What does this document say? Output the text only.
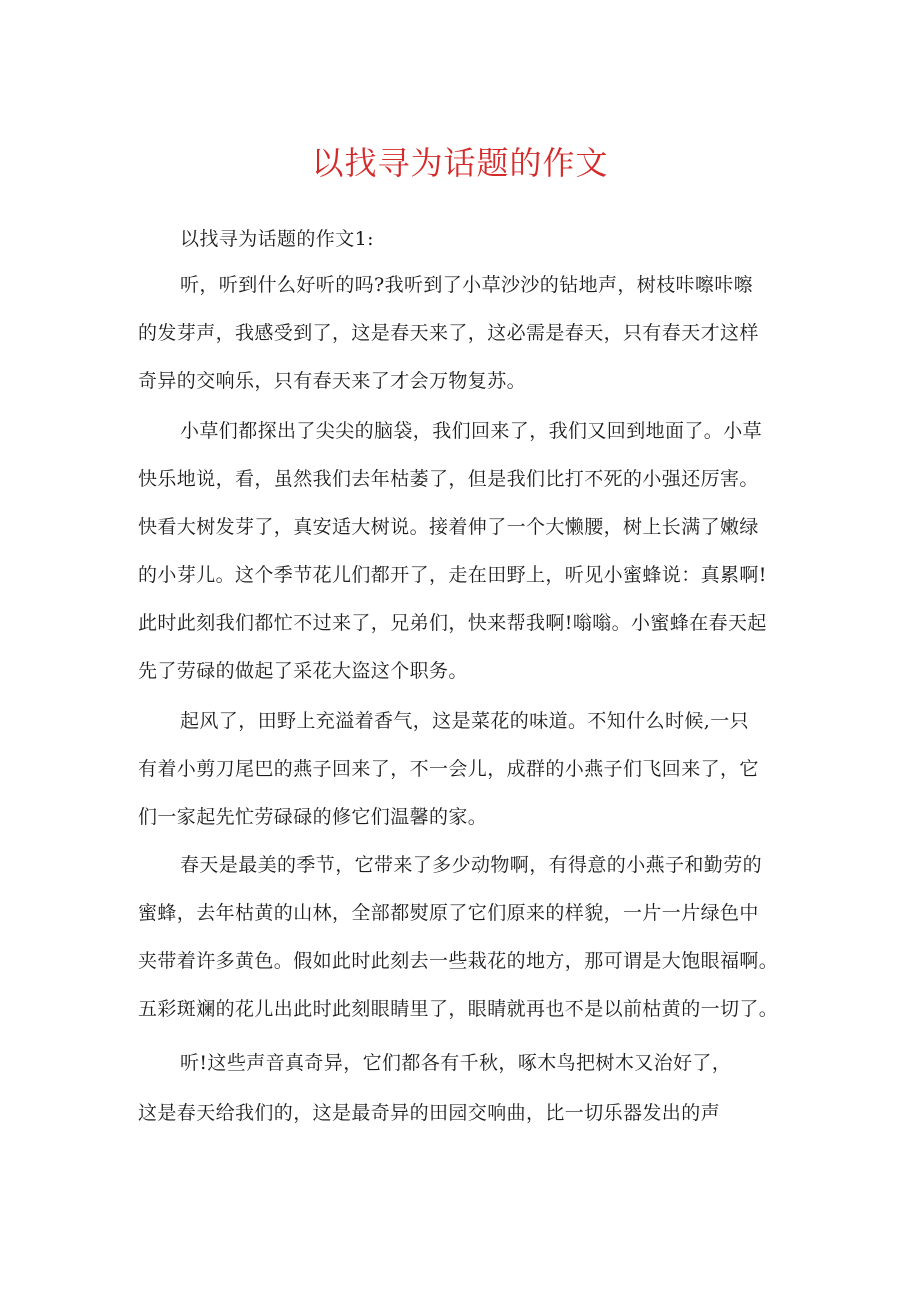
以找寻为话题的作文

以找寻为话题的作文1:

听，听到什么好听的吗?我听到了小草沙沙的钻地声，树枝咔嚓咔嚓

的发芽声，我感受到了，这是春天来了，这必需是春天，只有春天才这样

奇异的交响乐，只有春天来了才会万物复苏。

小草们都探出了尖尖的脑袋，我们回来了，我们又回到地面了。小草

快乐地说，看，虽然我们去年枯萎了，但是我们比打不死的小强还厉害。

快看大树发芽了，真安适大树说。接着伸了一个大懒腰，树上长满了嫩绿

的小芽儿。这个季节花儿们都开了，走在田野上，听见小蜜蜂说：真累啊!

此时此刻我们都忙不过来了，兄弟们，快来帮我啊!嗡嗡。小蜜蜂在春天起

先了劳碌的做起了采花大盗这个职务。

起风了，田野上充溢着香气，这是菜花的味道。不知什么时候,一只

有着小剪刀尾巴的燕子回来了，不一会儿，成群的小燕子们飞回来了，它

们一家起先忙劳碌碌的修它们温馨的家。

春天是最美的季节，它带来了多少动物啊，有得意的小燕子和勤劳的

蜜蜂，去年枯黄的山林，全部都熨原了它们原来的样貌，一片一片绿色中

夹带着许多黄色。假如此时此刻去一些栽花的地方，那可谓是大饱眼福啊。

五彩斑斓的花儿出此时此刻眼睛里了，眼睛就再也不是以前枯黄的一切了。

听!这些声音真奇异，它们都各有千秋，啄木鸟把树木又治好了，

这是春天给我们的，这是最奇异的田园交响曲，比一切乐器发出的声
